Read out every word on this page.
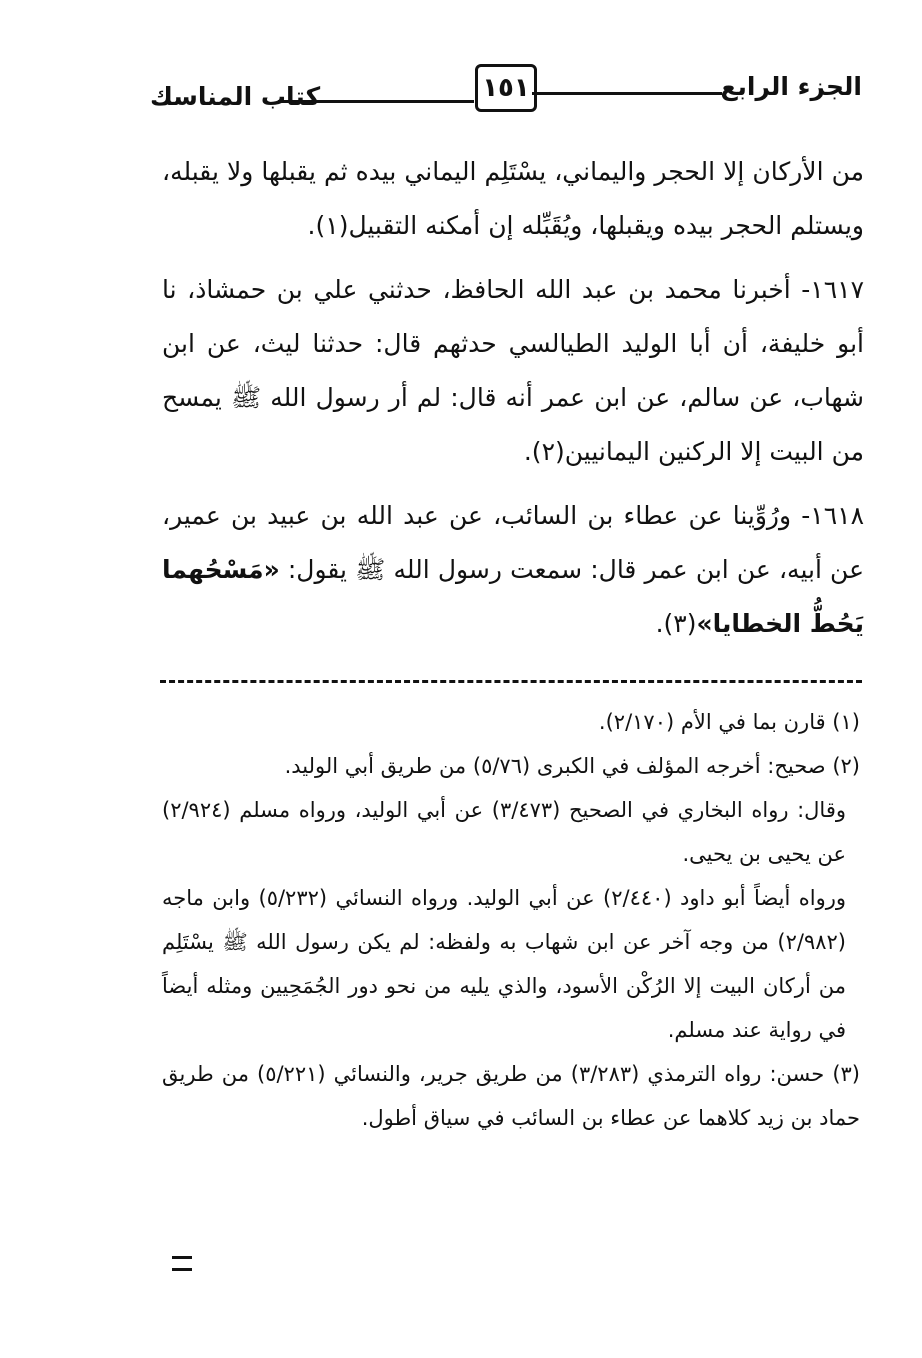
الجزء الرابع
١٥١
كتاب المناسك

من الأركان إلا الحجر واليماني، يسْتَلِم اليماني بيده ثم يقبلها ولا يقبله، ويستلم الحجر بيده ويقبلها، ويُقَبِّله إن أمكنه التقبيل(١).

١٦١٧- أخبرنا محمد بن عبد الله الحافظ، حدثني علي بن حمشاذ، نا أبو خليفة، أن أبا الوليد الطيالسي حدثهم قال: حدثنا ليث، عن ابن شهاب، عن سالم، عن ابن عمر أنه قال: لم أر رسول الله ﷺ يمسح من البيت إلا الركنين اليمانيين(٢).

١٦١٨- ورُوِّينا عن عطاء بن السائب، عن عبد الله بن عبيد بن عمير، عن أبيه، عن ابن عمر قال: سمعت رسول الله ﷺ يقول: «مَسْحُهما يَحُطُّ الخطايا»(٣).

(١) قارن بما في الأم (٢/١٧٠).

(٢) صحيح: أخرجه المؤلف في الكبرى (٥/٧٦) من طريق أبي الوليد.

وقال: رواه البخاري في الصحيح (٣/٤٧٣) عن أبي الوليد، ورواه مسلم (٢/٩٢٤) عن يحيى بن يحيى.

ورواه أيضاً أبو داود (٢/٤٤٠) عن أبي الوليد. ورواه النسائي (٥/٢٣٢) وابن ماجه (٢/٩٨٢) من وجه آخر عن ابن شهاب به ولفظه: لم يكن رسول الله ﷺ يسْتَلِم من أركان البيت إلا الرُكْن الأسود، والذي يليه من نحو دور الجُمَحِيين ومثله أيضاً في رواية عند مسلم.

(٣) حسن: رواه الترمذي (٣/٢٨٣) من طريق جرير، والنسائي (٥/٢٢١) من طريق حماد بن زيد كلاهما عن عطاء بن السائب في سياق أطول.
